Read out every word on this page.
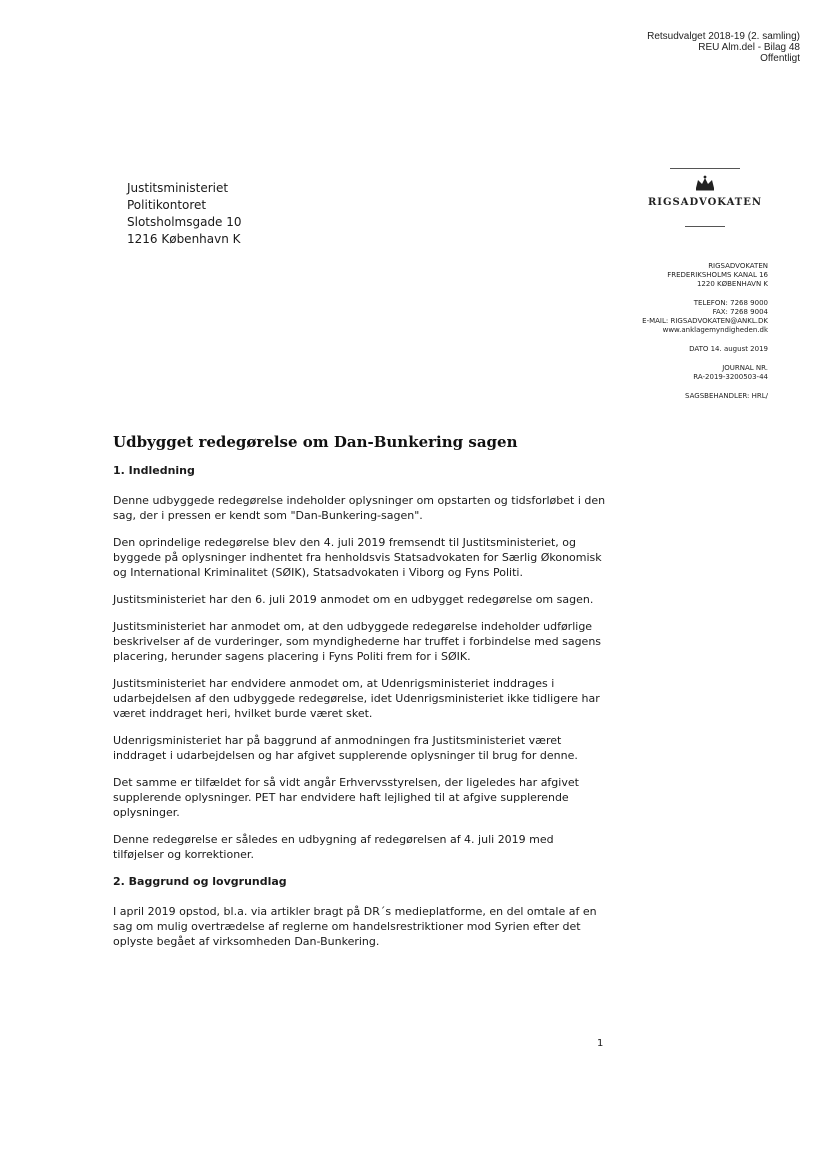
Retsudvalget 2018-19 (2. samling)
REU Alm.del - Bilag 48
Offentligt
Justitsministeriet
Politikontoret
Slotsholmsgade 10
1216 København K
RIGSADVOKATEN
RIGSADVOKATEN
FREDERIKSHOLMS KANAL 16
1220 KØBENHAVN K
TELEFON: 7268 9000
FAX: 7268 9004
E-MAIL: RIGSADVOKATEN@ANKL.DK
www.anklagemyndigheden.dk
DATO 14. august 2019
JOURNAL NR.
RA-2019-3200503-44
SAGSBEHANDLER: HRL/
Udbygget redegørelse om Dan-Bunkering sagen
1. Indledning

Denne udbyggede redegørelse indeholder oplysninger om opstarten og tidsforløbet i den sag, der i pressen er kendt som "Dan-Bunkering-sagen".

Den oprindelige redegørelse blev den 4. juli 2019 fremsendt til Justitsministeriet, og byggede på oplysninger indhentet fra henholdsvis Statsadvokaten for Særlig Økonomisk og International Kriminalitet (SØIK), Statsadvokaten i Viborg og Fyns Politi.

Justitsministeriet har den 6. juli 2019 anmodet om en udbygget redegørelse om sagen.

Justitsministeriet har anmodet om, at den udbyggede redegørelse indeholder udførlige beskrivelser af de vurderinger, som myndighederne har truffet i forbindelse med sagens placering, herunder sagens placering i Fyns Politi frem for i SØIK.

Justitsministeriet har endvidere anmodet om, at Udenrigsministeriet inddrages i udarbejdelsen af den udbyggede redegørelse, idet Udenrigsministeriet ikke tidligere har været inddraget heri, hvilket burde været sket.

Udenrigsministeriet har på baggrund af anmodningen fra Justitsministeriet været inddraget i udarbejdelsen og har afgivet supplerende oplysninger til brug for denne.

Det samme er tilfældet for så vidt angår Erhvervsstyrelsen, der ligeledes har afgivet supplerende oplysninger. PET har endvidere haft lejlighed til at afgive supplerende oplysninger.

Denne redegørelse er således en udbygning af redegørelsen af 4. juli 2019 med tilføjelser og korrektioner.

2. Baggrund og lovgrundlag

I april 2019 opstod, bl.a. via artikler bragt på DR´s medieplatforme, en del omtale af en sag om mulig overtrædelse af reglerne om handelsrestriktioner mod Syrien efter det oplyste begået af virksomheden Dan-Bunkering.

1
